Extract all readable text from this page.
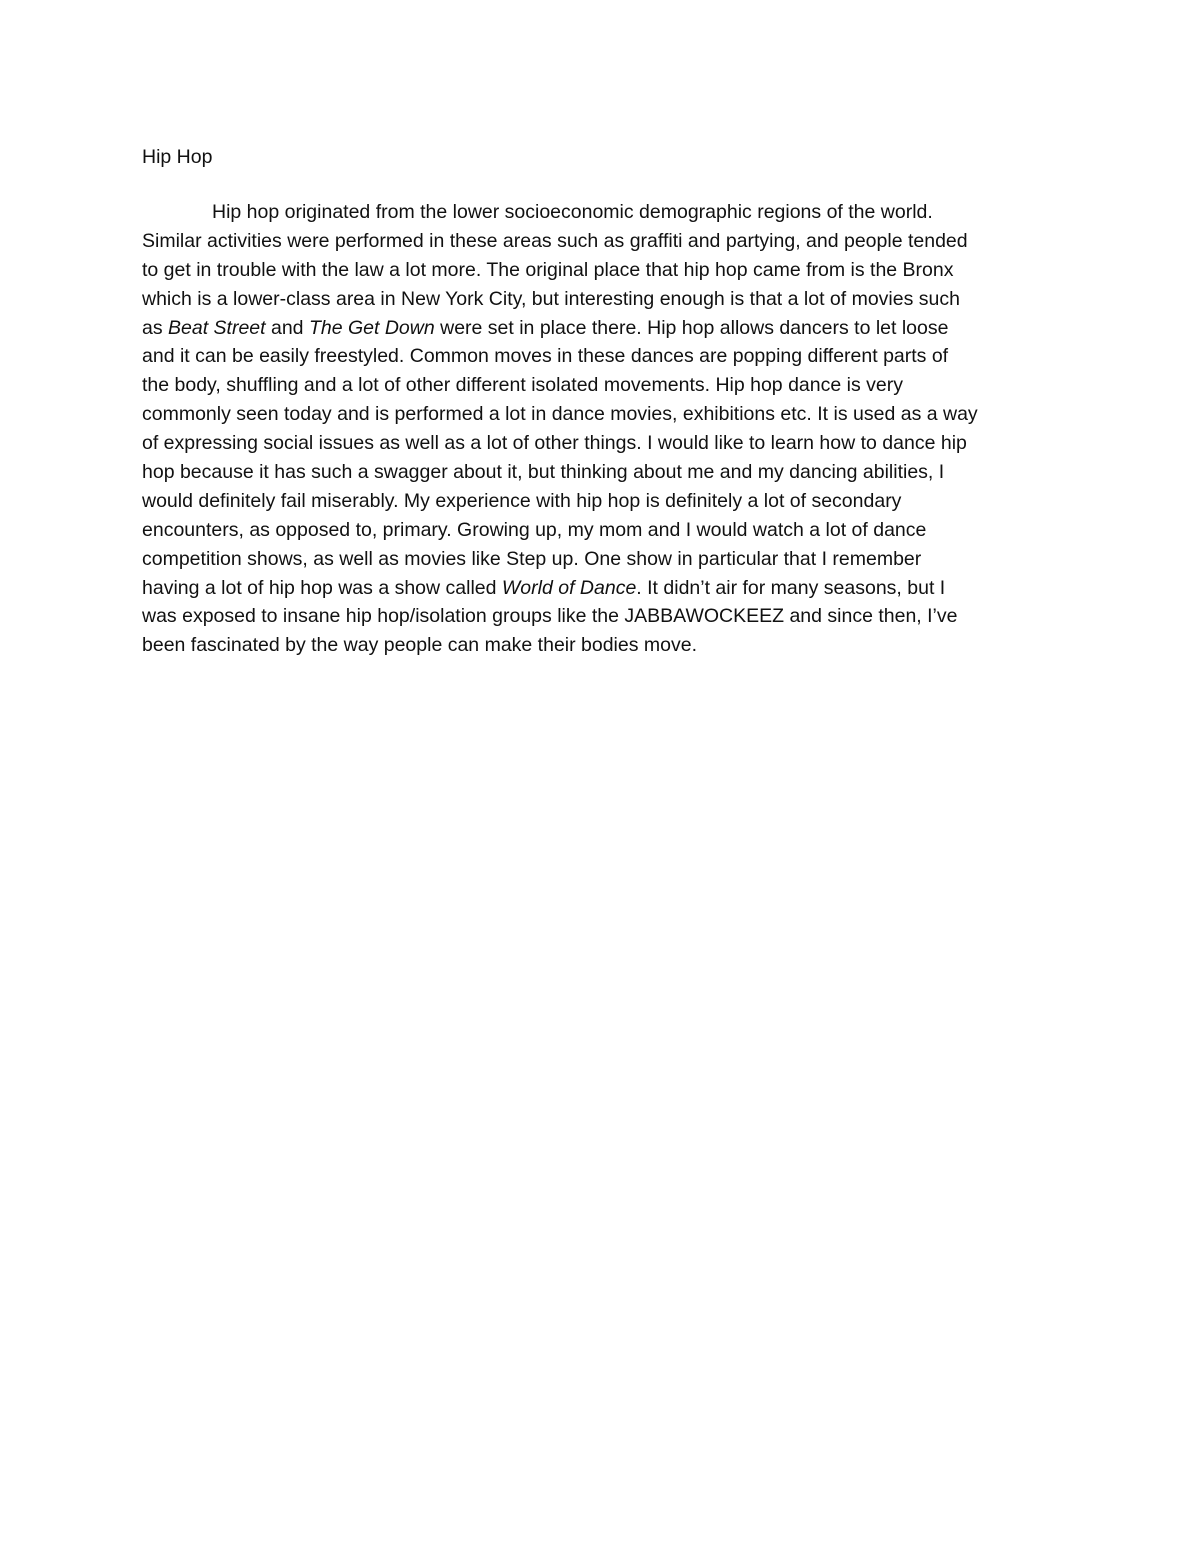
Hip Hop

Hip hop originated from the lower socioeconomic demographic regions of the world.
Similar activities were performed in these areas such as graffiti and partying, and people tended
to get in trouble with the law a lot more. The original place that hip hop came from is the Bronx
which is a lower-class area in New York City, but interesting enough is that a lot of movies such
as Beat Street and The Get Down were set in place there. Hip hop allows dancers to let loose
and it can be easily freestyled. Common moves in these dances are popping different parts of
the body, shuffling and a lot of other different isolated movements. Hip hop dance is very
commonly seen today and is performed a lot in dance movies, exhibitions etc. It is used as a way
of expressing social issues as well as a lot of other things. I would like to learn how to dance hip
hop because it has such a swagger about it, but thinking about me and my dancing abilities, I
would definitely fail miserably. My experience with hip hop is definitely a lot of secondary
encounters, as opposed to, primary. Growing up, my mom and I would watch a lot of dance
competition shows, as well as movies like Step up. One show in particular that I remember
having a lot of hip hop was a show called World of Dance. It didn’t air for many seasons, but I
was exposed to insane hip hop/isolation groups like the JABBAWOCKEEZ and since then, I’ve
been fascinated by the way people can make their bodies move.
